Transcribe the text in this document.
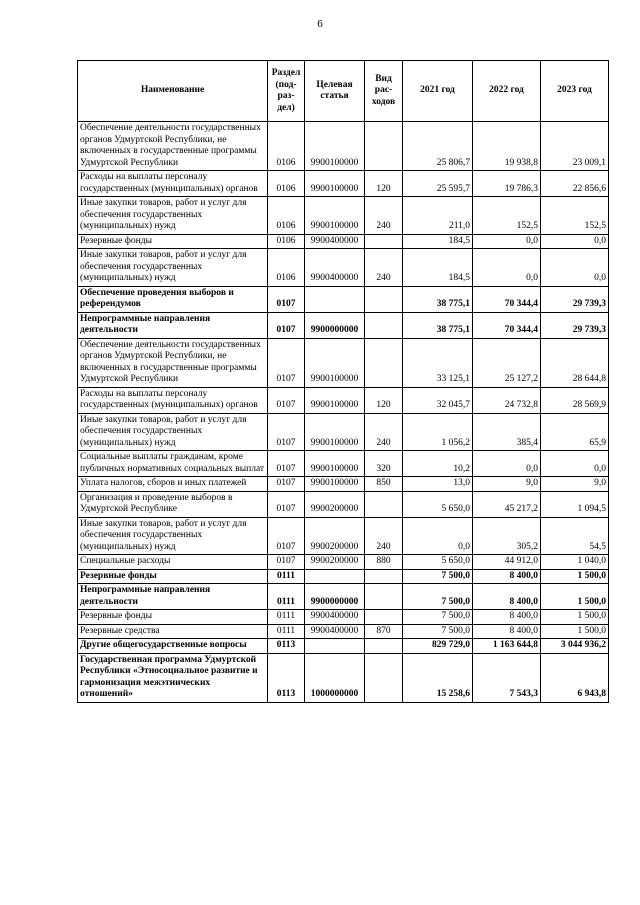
6
Наименование	Раздел (под-раз-дел)	Целевая статья	Вид рас-ходов	2021 год	2022 год	2023 год
Обеспечение деятельности государственных органов Удмуртской Республики, не включенных в государственные программы Удмуртской Республики	0106	9900100000		25 806,7	19 938,8	23 009,1
Расходы на выплаты персоналу государственных (муниципальных) органов	0106	9900100000	120	25 595,7	19 786,3	22 856,6
Иные закупки товаров, работ и услуг для обеспечения государственных (муниципальных) нужд	0106	9900100000	240	211,0	152,5	152,5
Резервные фонды	0106	9900400000		184,5	0,0	0,0
Иные закупки товаров, работ и услуг для обеспечения государственных (муниципальных) нужд	0106	9900400000	240	184,5	0,0	0,0
Обеспечение проведения выборов и референдумов	0107			38 775,1	70 344,4	29 739,3
Непрограммные направления деятельности	0107	9900000000		38 775,1	70 344,4	29 739,3
Обеспечение деятельности государственных органов Удмуртской Республики, не включенных в государственные программы Удмуртской Республики	0107	9900100000		33 125,1	25 127,2	28 644,8
Расходы на выплаты персоналу государственных (муниципальных) органов	0107	9900100000	120	32 045,7	24 732,8	28 569,9
Иные закупки товаров, работ и услуг для обеспечения государственных (муниципальных) нужд	0107	9900100000	240	1 056,2	385,4	65,9
Социальные выплаты гражданам, кроме публичных нормативных социальных выплат	0107	9900100000	320	10,2	0,0	0,0
Уплата налогов, сборов и иных платежей	0107	9900100000	850	13,0	9,0	9,0
Организация и проведение выборов в Удмуртской Республике	0107	9900200000		5 650,0	45 217,2	1 094,5
Иные закупки товаров, работ и услуг для обеспечения государственных (муниципальных) нужд	0107	9900200000	240	0,0	305,2	54,5
Специальные расходы	0107	9900200000	880	5 650,0	44 912,0	1 040,0
Резервные фонды	0111			7 500,0	8 400,0	1 500,0
Непрограммные направления деятельности	0111	9900000000		7 500,0	8 400,0	1 500,0
Резервные фонды	0111	9900400000		7 500,0	8 400,0	1 500,0
Резервные средства	0111	9900400000	870	7 500,0	8 400,0	1 500,0
Другие общегосударственные вопросы	0113			829 729,0	1 163 644,8	3 044 936,2
Государственная программа Удмуртской Республики «Этносоциальное развитие и гармонизация межэтнических отношений»	0113	1000000000		15 258,6	7 543,3	6 943,8
